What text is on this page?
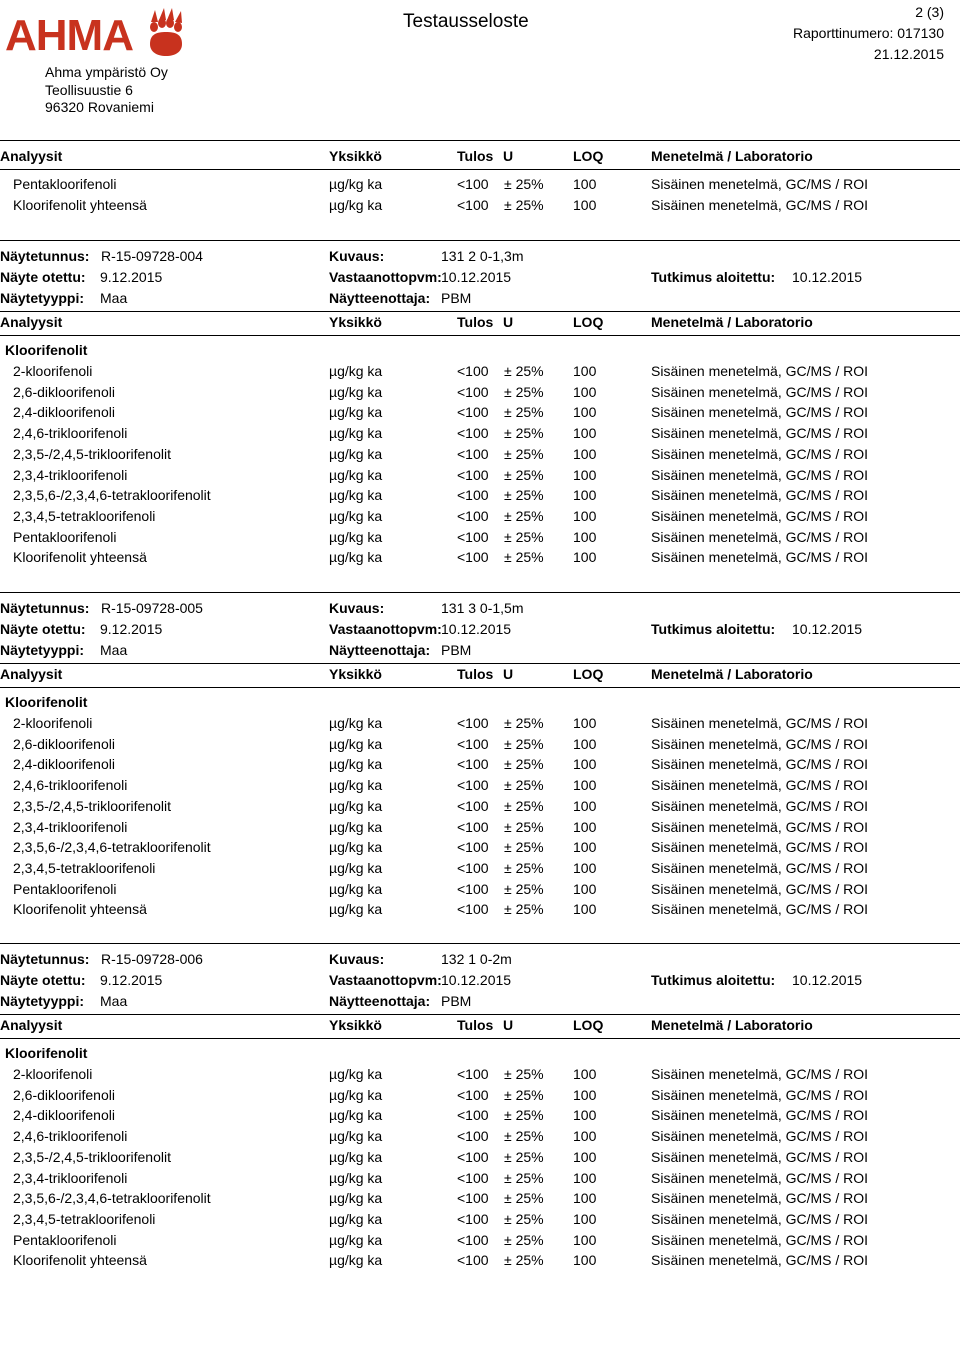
AHMA
Ahma ympäristö Oy
Teollisuustie 6
96320 Rovaniemi
Testausseloste	2 (3)
Raporttinumero: 017130
21.12.2015
Analyysit	Yksikkö	Tulos U	LOQ	Menetelmä / Laboratorio
Pentakloorifenoli	µg/kg ka	<100 ± 25% 100	Sisäinen menetelmä, GC/MS / ROI
Kloorifenolit yhteensä	µg/kg ka	<100 ± 25% 100	Sisäinen menetelmä, GC/MS / ROI
Näytetunnus: R-15-09728-004	Kuvaus:	131 2 0-1,3m
Näyte otettu: 9.12.2015	Vastaanottopvm: 10.12.2015	Tutkimus aloitettu: 10.12.2015
Näytetyyppi: Maa	Näytteenottaja: PBM
Analyysit	Yksikkö	Tulos U	LOQ	Menetelmä / Laboratorio
Kloorifenolit
2-kloorifenoli	µg/kg ka	<100 ± 25% 100	Sisäinen menetelmä, GC/MS / ROI
2,6-dikloorifenoli	µg/kg ka	<100 ± 25% 100	Sisäinen menetelmä, GC/MS / ROI
2,4-dikloorifenoli	µg/kg ka	<100 ± 25% 100	Sisäinen menetelmä, GC/MS / ROI
2,4,6-trikloorifenoli	µg/kg ka	<100 ± 25% 100	Sisäinen menetelmä, GC/MS / ROI
2,3,5-/2,4,5-trikloorifenolit	µg/kg ka	<100 ± 25% 100	Sisäinen menetelmä, GC/MS / ROI
2,3,4-trikloorifenoli	µg/kg ka	<100 ± 25% 100	Sisäinen menetelmä, GC/MS / ROI
2,3,5,6-/2,3,4,6-tetrakloorifenolit	µg/kg ka	<100 ± 25% 100	Sisäinen menetelmä, GC/MS / ROI
2,3,4,5-tetrakloorifenoli	µg/kg ka	<100 ± 25% 100	Sisäinen menetelmä, GC/MS / ROI
Pentakloorifenoli	µg/kg ka	<100 ± 25% 100	Sisäinen menetelmä, GC/MS / ROI
Kloorifenolit yhteensä	µg/kg ka	<100 ± 25% 100	Sisäinen menetelmä, GC/MS / ROI
Näytetunnus: R-15-09728-005	Kuvaus:	131 3 0-1,5m
Näyte otettu: 9.12.2015	Vastaanottopvm: 10.12.2015	Tutkimus aloitettu: 10.12.2015
Näytetyyppi: Maa	Näytteenottaja: PBM
Analyysit	Yksikkö	Tulos U	LOQ	Menetelmä / Laboratorio
Kloorifenolit
2-kloorifenoli	µg/kg ka	<100 ± 25% 100	Sisäinen menetelmä, GC/MS / ROI
2,6-dikloorifenoli	µg/kg ka	<100 ± 25% 100	Sisäinen menetelmä, GC/MS / ROI
2,4-dikloorifenoli	µg/kg ka	<100 ± 25% 100	Sisäinen menetelmä, GC/MS / ROI
2,4,6-trikloorifenoli	µg/kg ka	<100 ± 25% 100	Sisäinen menetelmä, GC/MS / ROI
2,3,5-/2,4,5-trikloorifenolit	µg/kg ka	<100 ± 25% 100	Sisäinen menetelmä, GC/MS / ROI
2,3,4-trikloorifenoli	µg/kg ka	<100 ± 25% 100	Sisäinen menetelmä, GC/MS / ROI
2,3,5,6-/2,3,4,6-tetrakloorifenolit	µg/kg ka	<100 ± 25% 100	Sisäinen menetelmä, GC/MS / ROI
2,3,4,5-tetrakloorifenoli	µg/kg ka	<100 ± 25% 100	Sisäinen menetelmä, GC/MS / ROI
Pentakloorifenoli	µg/kg ka	<100 ± 25% 100	Sisäinen menetelmä, GC/MS / ROI
Kloorifenolit yhteensä	µg/kg ka	<100 ± 25% 100	Sisäinen menetelmä, GC/MS / ROI
Näytetunnus: R-15-09728-006	Kuvaus:	132 1 0-2m
Näyte otettu: 9.12.2015	Vastaanottopvm: 10.12.2015	Tutkimus aloitettu: 10.12.2015
Näytetyyppi: Maa	Näytteenottaja: PBM
Analyysit	Yksikkö	Tulos U	LOQ	Menetelmä / Laboratorio
Kloorifenolit
2-kloorifenoli	µg/kg ka	<100 ± 25% 100	Sisäinen menetelmä, GC/MS / ROI
2,6-dikloorifenoli	µg/kg ka	<100 ± 25% 100	Sisäinen menetelmä, GC/MS / ROI
2,4-dikloorifenoli	µg/kg ka	<100 ± 25% 100	Sisäinen menetelmä, GC/MS / ROI
2,4,6-trikloorifenoli	µg/kg ka	<100 ± 25% 100	Sisäinen menetelmä, GC/MS / ROI
2,3,5-/2,4,5-trikloorifenolit	µg/kg ka	<100 ± 25% 100	Sisäinen menetelmä, GC/MS / ROI
2,3,4-trikloorifenoli	µg/kg ka	<100 ± 25% 100	Sisäinen menetelmä, GC/MS / ROI
2,3,5,6-/2,3,4,6-tetrakloorifenolit	µg/kg ka	<100 ± 25% 100	Sisäinen menetelmä, GC/MS / ROI
2,3,4,5-tetrakloorifenoli	µg/kg ka	<100 ± 25% 100	Sisäinen menetelmä, GC/MS / ROI
Pentakloorifenoli	µg/kg ka	<100 ± 25% 100	Sisäinen menetelmä, GC/MS / ROI
Kloorifenolit yhteensä	µg/kg ka	<100 ± 25% 100	Sisäinen menetelmä, GC/MS / ROI
